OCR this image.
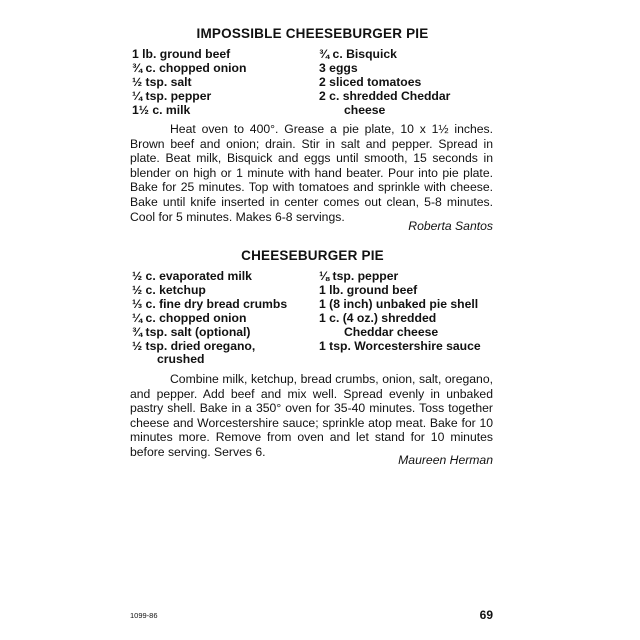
IMPOSSIBLE CHEESEBURGER PIE
1 lb. ground beef
¾ c. chopped onion
½ tsp. salt
¼ tsp. pepper
1½ c. milk
¾ c. Bisquick
3 eggs
2 sliced tomatoes
2 c. shredded Cheddar
cheese

Heat oven to 400°. Grease a pie plate, 10 x 1½ inches. Brown beef and onion; drain. Stir in salt and pepper. Spread in plate. Beat milk, Bisquick and eggs until smooth, 15 seconds in blender on high or 1 minute with hand beater. Pour into pie plate. Bake for 25 minutes. Top with tomatoes and sprinkle with cheese. Bake until knife inserted in center comes out clean, 5-8 minutes. Cool for 5 minutes. Makes 6-8 servings.

Roberta Santos

CHEESEBURGER PIE
½ c. evaporated milk
½ c. ketchup
⅓ c. fine dry bread crumbs
¼ c. chopped onion
¾ tsp. salt (optional)
½ tsp. dried oregano,
crushed
⅛ tsp. pepper
1 lb. ground beef
1 (8 inch) unbaked pie shell
1 c. (4 oz.) shredded
Cheddar cheese
1 tsp. Worcestershire sauce

Combine milk, ketchup, bread crumbs, onion, salt, oregano, and pepper. Add beef and mix well. Spread evenly in unbaked pastry shell. Bake in a 350° oven for 35-40 minutes. Toss together cheese and Worcestershire sauce; sprinkle atop meat. Bake for 10 minutes more. Remove from oven and let stand for 10 minutes before serving. Serves 6.

Maureen Herman

1099-86	69
